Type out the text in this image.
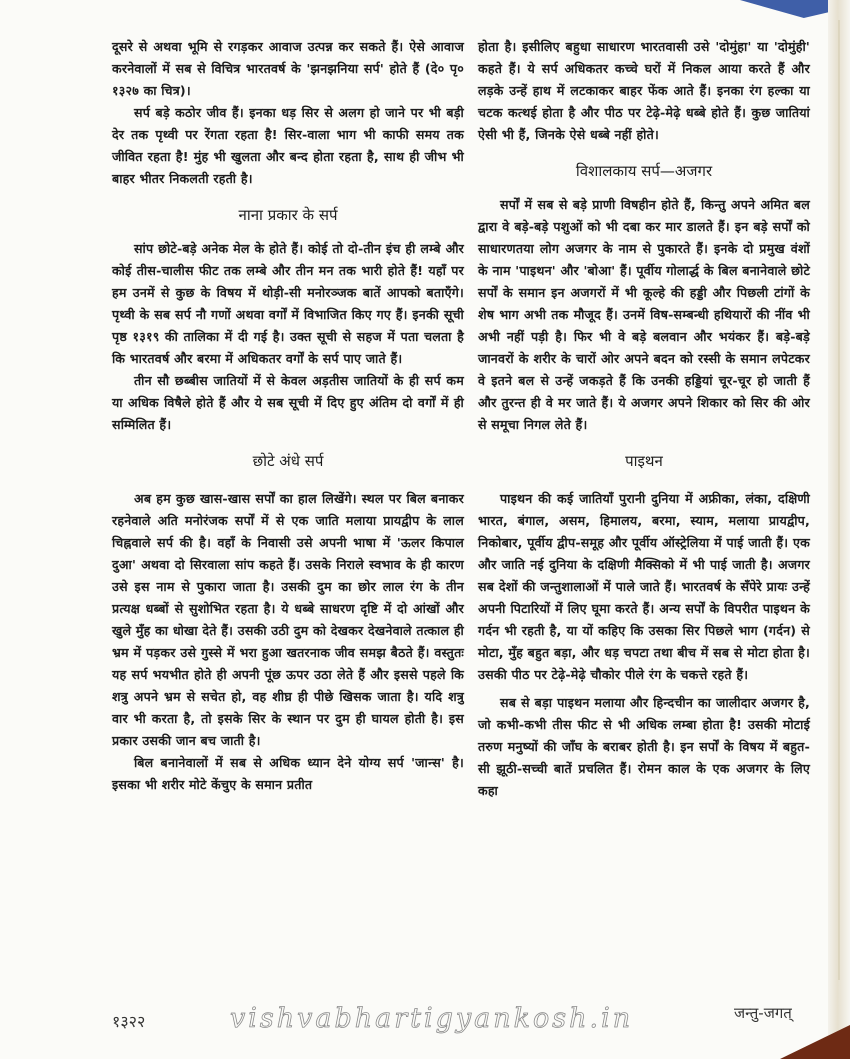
दूसरे से अथवा भूमि से रगड़कर आवाज उत्पन्न कर सकते हैं। ऐसे आवाज करनेवालों में सब से विचित्र भारतवर्ष के 'झनझनिया सर्प' होते हैं (दे० पृ० १३२७ का चित्र)।

सर्प बड़े कठोर जीव हैं। इनका धड़ सिर से अलग हो जाने पर भी बड़ी देर तक पृथ्वी पर रेंगता रहता है! सिर-वाला भाग भी काफी समय तक जीवित रहता है! मुंह भी खुलता और बन्द होता रहता है, साथ ही जीभ भी बाहर भीतर निकलती रहती है।

नाना प्रकार के सर्प

सांप छोटे-बड़े अनेक मेल के होते हैं। कोई तो दो-तीन इंच ही लम्बे और कोई तीस-चालीस फीट तक लम्बे और तीन मन तक भारी होते हैं! यहाँ पर हम उनमें से कुछ के विषय में थोड़ी-सी मनोरञ्जक बातें आपको बताएँगे। पृथ्वी के सब सर्प नौ गणों अथवा वर्गों में विभाजित किए गए हैं। इनकी सूची पृष्ठ १३१९ की तालिका में दी गई है। उक्त सूची से सहज में पता चलता है कि भारतवर्ष और बरमा में अधिकतर वर्गों के सर्प पाए जाते हैं।

तीन सौ छब्बीस जातियों में से केवल अड़तीस जातियों के ही सर्प कम या अधिक विषैले होते हैं और ये सब सूची में दिए हुए अंतिम दो वर्गों में ही सम्मिलित हैं।

छोटे अंधे सर्प

अब हम कुछ खास-खास सर्पों का हाल लिखेंगे। स्थल पर बिल बनाकर रहनेवाले अति मनोरंजक सर्पों में से एक जाति मलाया प्रायद्वीप के लाल चिह्नवाले सर्प की है। वहाँ के निवासी उसे अपनी भाषा में 'ऊलर किपाल दुआ' अथवा दो सिरवाला सांप कहते हैं। उसके निराले स्वभाव के ही कारण उसे इस नाम से पुकारा जाता है। उसकी दुम का छोर लाल रंग के तीन प्रत्यक्ष धब्बों से सुशोभित रहता है। ये धब्बे साधरण दृष्टि में दो आंखों और खुले मुँह का धोखा देते हैं। उसकी उठी दुम को देखकर देखनेवाले तत्काल ही भ्रम में पड़कर उसे गुस्से में भरा हुआ खतरनाक जीव समझ बैठते हैं। वस्तुतः यह सर्प भयभीत होते ही अपनी पूंछ ऊपर उठा लेते हैं और इससे पहले कि शत्रु अपने भ्रम से सचेत हो, वह शीघ्र ही पीछे खिसक जाता है। यदि शत्रु वार भी करता है, तो इसके सिर के स्थान पर दुम ही घायल होती है। इस प्रकार उसकी जान बच जाती है।

बिल बनानेवालों में सब से अधिक ध्यान देने योग्य सर्प 'जान्स' है। इसका भी शरीर मोटे केंचुए के समान प्रतीत

होता है। इसीलिए बहुधा साधारण भारतवासी उसे 'दोमुंहा' या 'दोमुंही' कहते हैं। ये सर्प अधिकतर कच्चे घरों में निकल आया करते हैं और लड़के उन्हें हाथ में लटकाकर बाहर फेंक आते हैं। इनका रंग हल्का या चटक कत्थई होता है और पीठ पर टेढ़े-मेढ़े धब्बे होते हैं। कुछ जातियां ऐसी भी हैं, जिनके ऐसे धब्बे नहीं होते।

विशालकाय सर्प—अजगर

सर्पों में सब से बड़े प्राणी विषहीन होते हैं, किन्तु अपने अमित बल द्वारा वे बड़े-बड़े पशुओं को भी दबा कर मार डालते हैं। इन बड़े सर्पों को साधारणतया लोग अजगर के नाम से पुकारते हैं। इनके दो प्रमुख वंशों के नाम 'पाइथन' और 'बोआ' हैं। पूर्वीय गोलार्द्ध के बिल बनानेवाले छोटे सर्पों के समान इन अजगरों में भी कूल्हे की हड्डी और पिछली टांगों के शेष भाग अभी तक मौजूद हैं। उनमें विष-सम्बन्धी हथियारों की नींव भी अभी नहीं पड़ी है। फिर भी वे बड़े बलवान और भयंकर हैं। बड़े-बड़े जानवरों के शरीर के चारों ओर अपने बदन को रस्सी के समान लपेटकर वे इतने बल से उन्हें जकड़ते हैं कि उनकी हड्डियां चूर-चूर हो जाती हैं और तुरन्त ही वे मर जाते हैं। ये अजगर अपने शिकार को सिर की ओर से समूचा निगल लेते हैं।

पाइथन

पाइथन की कई जातियाँ पुरानी दुनिया में अफ्रीका, लंका, दक्षिणी भारत, बंगाल, असम, हिमालय, बरमा, स्याम, मलाया प्रायद्वीप, निकोबार, पूर्वीय द्वीप-समूह और पूर्वीय ऑस्ट्रेलिया में पाई जाती हैं। एक और जाति नई दुनिया के दक्षिणी मैक्सिको में भी पाई जाती है। अजगर सब देशों की जन्तुशालाओं में पाले जाते हैं। भारतवर्ष के सँपेरे प्रायः उन्हें अपनी पिटारियों में लिए घूमा करते हैं। अन्य सर्पों के विपरीत पाइथन के गर्दन भी रहती है, या यों कहिए कि उसका सिर पिछले भाग (गर्दन) से मोटा, मुँह बहुत बड़ा, और धड़ चपटा तथा बीच में सब से मोटा होता है। उसकी पीठ पर टेढ़े-मेढ़े चौकोर पीले रंग के चकत्ते रहते हैं।

सब से बड़ा पाइथन मलाया और हिन्दचीन का जालीदार अजगर है, जो कभी-कभी तीस फीट से भी अधिक लम्बा होता है! उसकी मोटाई तरुण मनुष्यों की जाँघ के बराबर होती है। इन सर्पों के विषय में बहुत-सी झूठी-सच्ची बातें प्रचलित हैं। रोमन काल के एक अजगर के लिए कहा

vishvabhartigyankosh.in
१३२२	जन्तु-जगत्
